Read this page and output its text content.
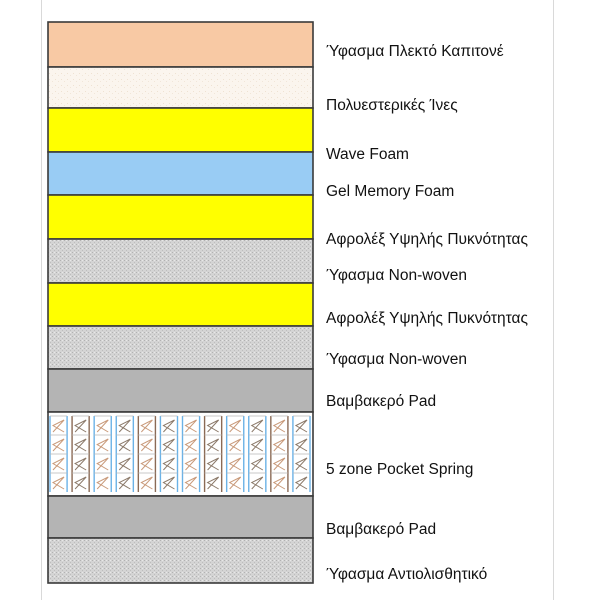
Ύφασμα Πλεκτό Καπιτονέ
Πολυεστερικές Ίνες
Wave Foam
Gel Memory Foam
Αφρολέξ Υψηλής Πυκνότητας
Ύφασμα Non-woven
Αφρολέξ Υψηλής Πυκνότητας
Ύφασμα Non-woven
Βαμβακερό Pad
5 zone Pocket Spring
Βαμβακερό Pad
Ύφασμα Αντιολισθητικό
